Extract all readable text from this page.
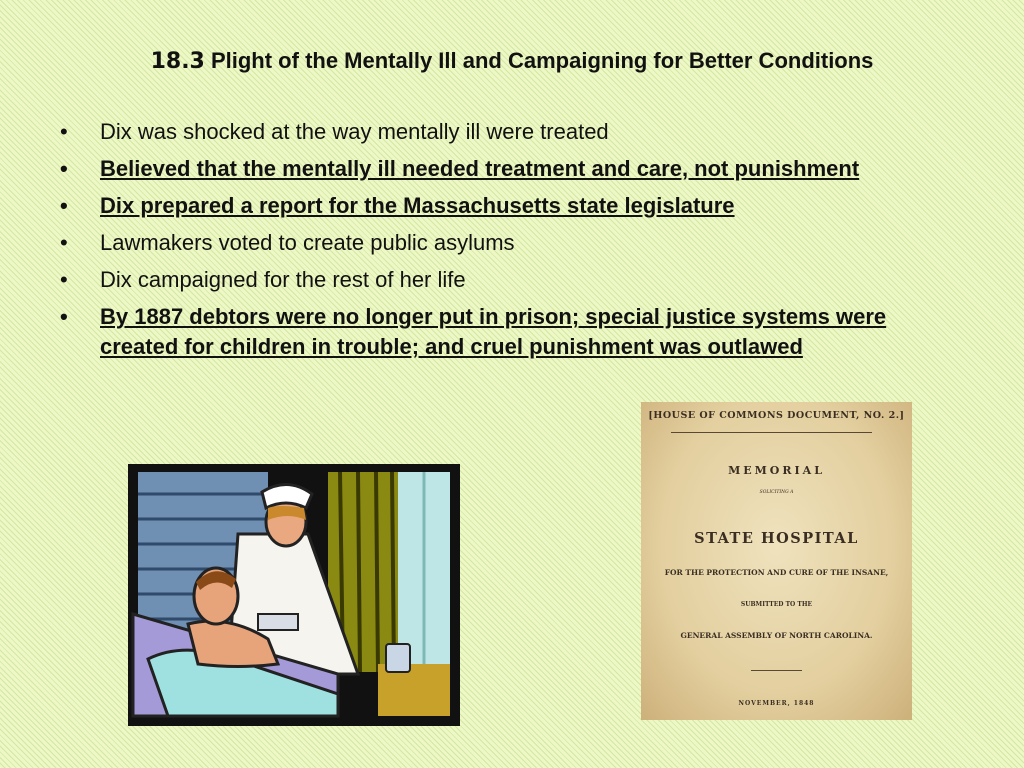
18.3 Plight of the Mentally Ill and Campaigning for Better Conditions
• Dix was shocked at the way mentally ill were treated
• Believed that the mentally ill needed treatment and care, not punishment
• Dix prepared a report for the Massachusetts state legislature
• Lawmakers voted to create public asylums
• Dix campaigned for the rest of her life
• By 1887 debtors were no longer put in prison; special justice systems were created for children in trouble; and cruel punishment was outlawed
[HOUSE OF COMMONS DOCUMENT, NO. 2.]
MEMORIAL
SOLICITING A
STATE HOSPITAL
FOR THE PROTECTION AND CURE OF THE INSANE,
SUBMITTED TO THE
GENERAL ASSEMBLY OF NORTH CAROLINA.
NOVEMBER, 1848
